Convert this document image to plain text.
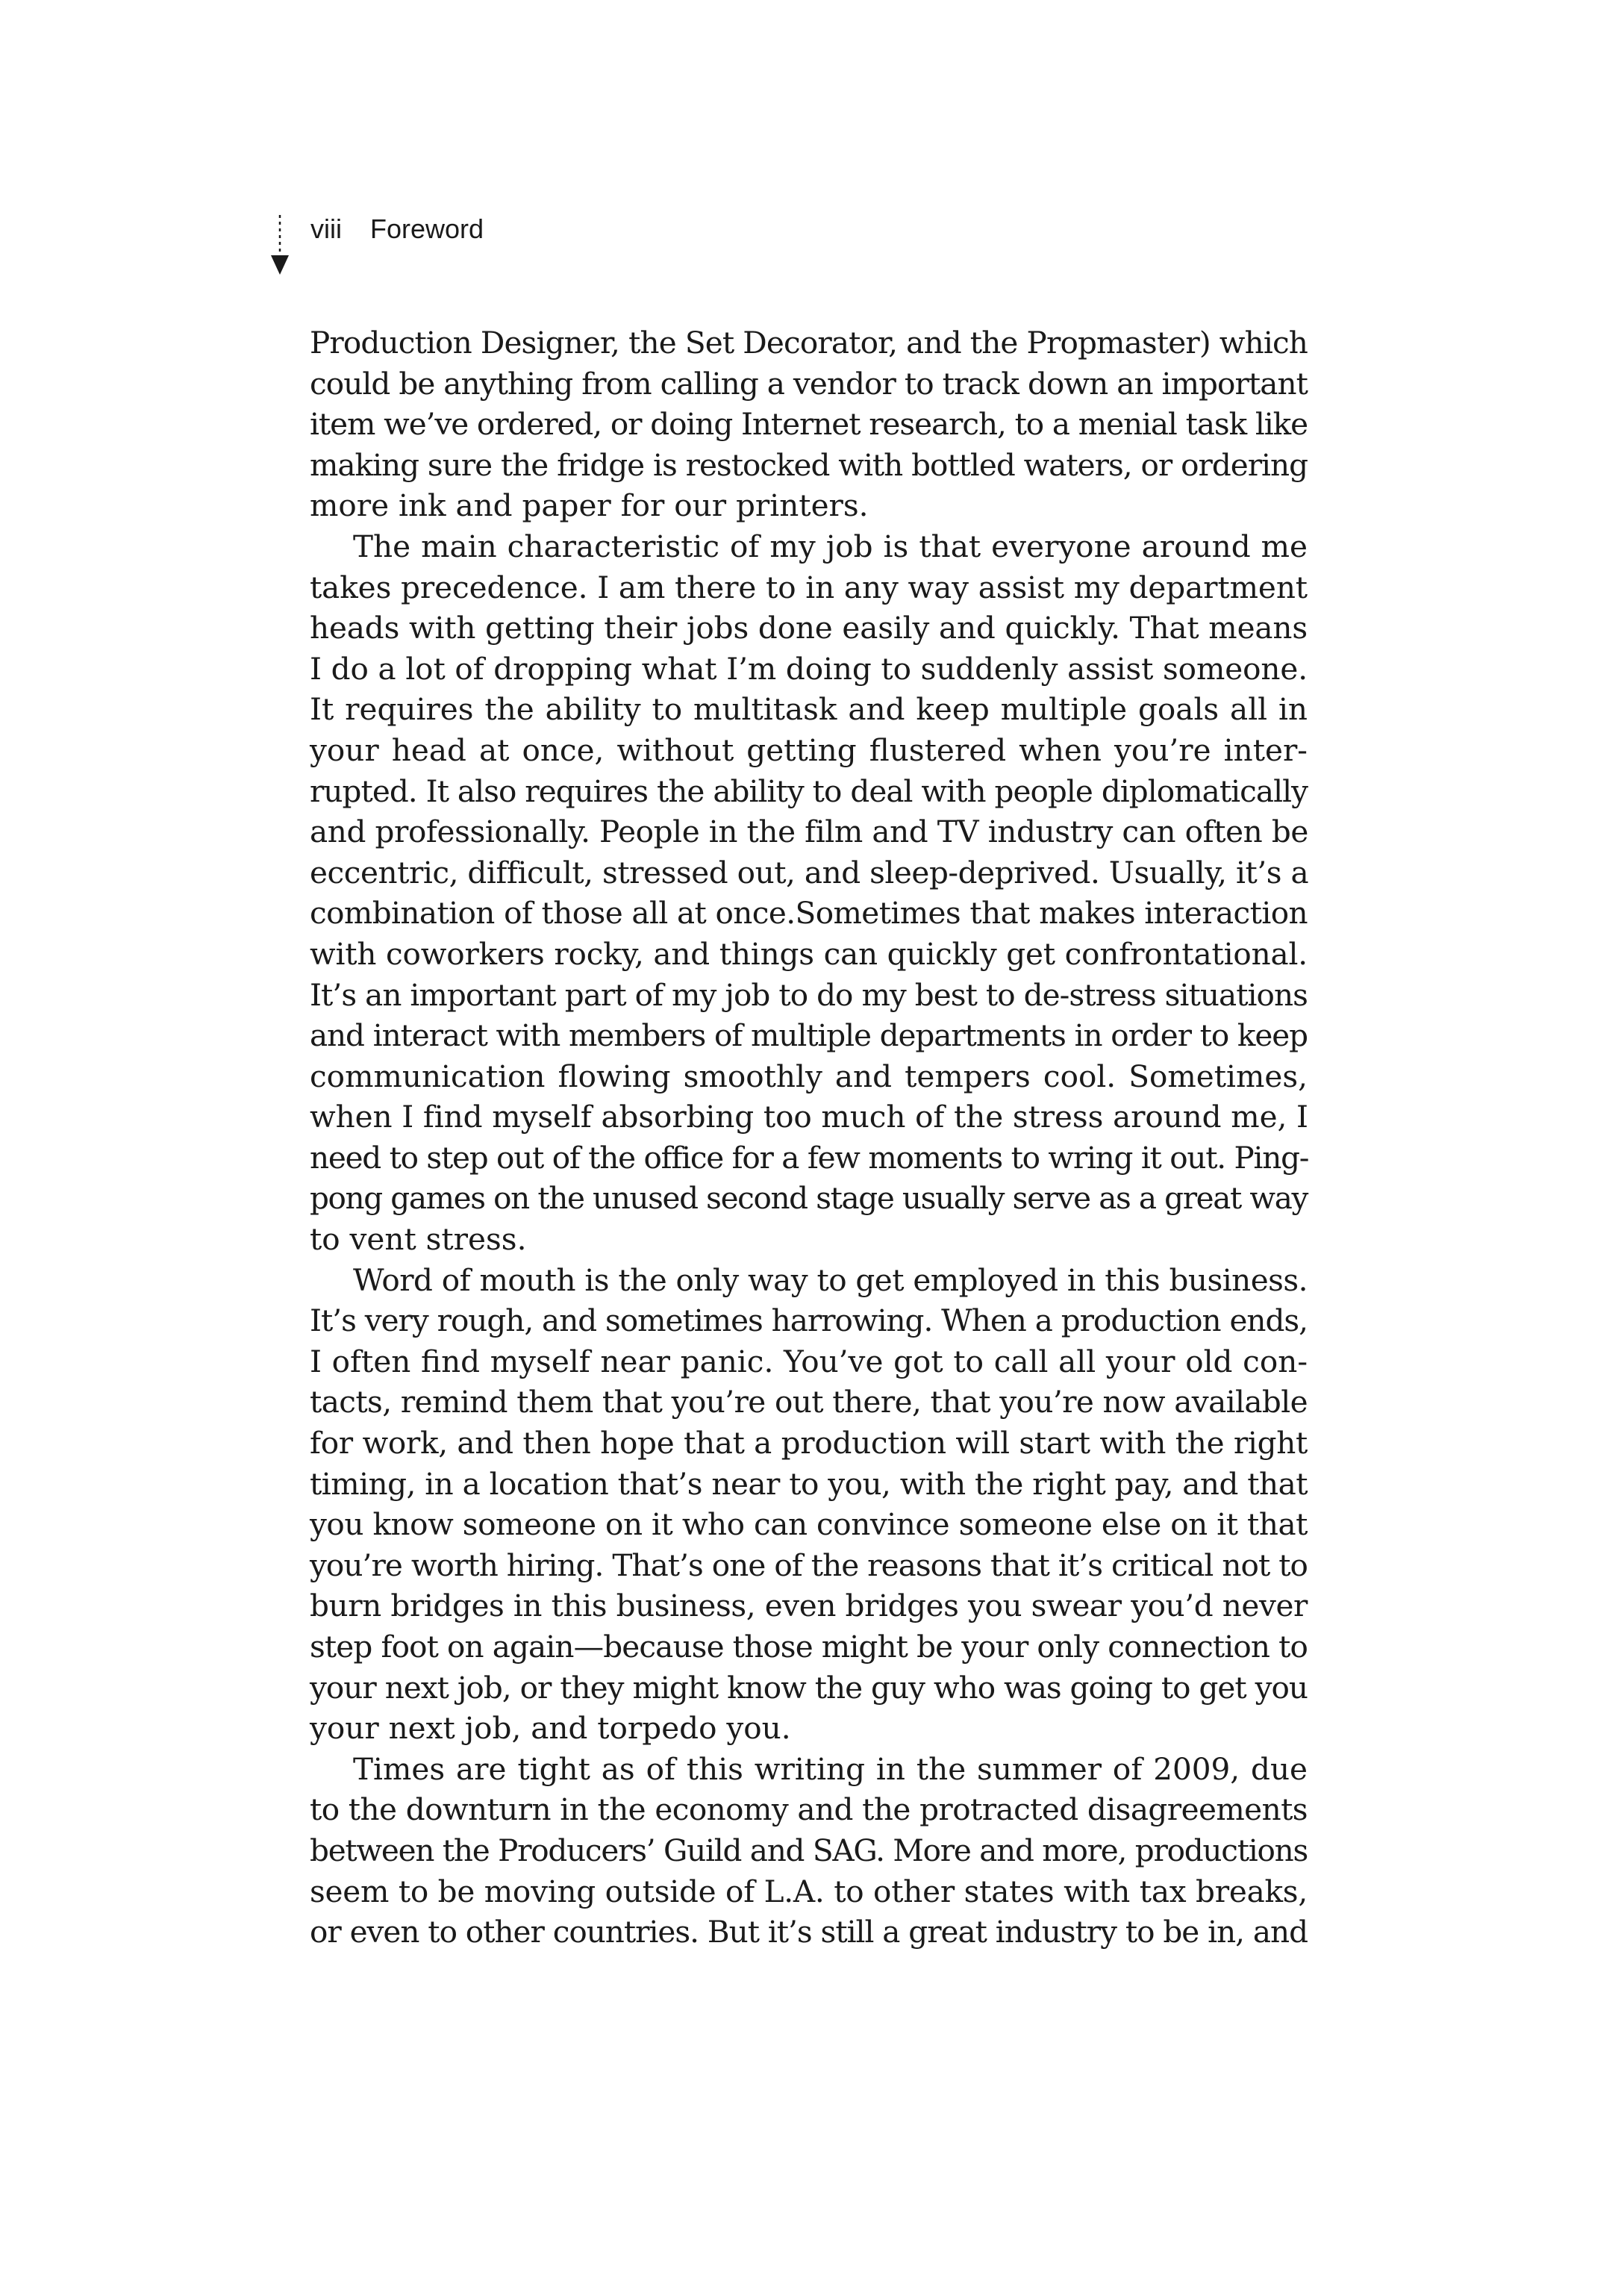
viii Foreword
Production Designer, the Set Decorator, and the Propmaster) which
could be anything from calling a vendor to track down an important
item we’ve ordered, or doing Internet research, to a menial task like
making sure the fridge is restocked with bottled waters, or ordering
more ink and paper for our printers.
The main characteristic of my job is that everyone around me
takes precedence. I am there to in any way assist my department
heads with getting their jobs done easily and quickly. That means
I do a lot of dropping what I’m doing to suddenly assist someone.
It requires the ability to multitask and keep multiple goals all in
your head at once, without getting flustered when you’re inter-
rupted. It also requires the ability to deal with people diplomatically
and professionally. People in the film and TV industry can often be
eccentric, difficult, stressed out, and sleep-deprived. Usually, it’s a
combination of those all at once.Sometimes that makes interaction
with coworkers rocky, and things can quickly get confrontational.
It’s an important part of my job to do my best to de-stress situations
and interact with members of multiple departments in order to keep
communication flowing smoothly and tempers cool. Sometimes,
when I find myself absorbing too much of the stress around me, I
need to step out of the office for a few moments to wring it out. Ping-
pong games on the unused second stage usually serve as a great way
to vent stress.
Word of mouth is the only way to get employed in this business.
It’s very rough, and sometimes harrowing. When a production ends,
I often find myself near panic. You’ve got to call all your old con-
tacts, remind them that you’re out there, that you’re now available
for work, and then hope that a production will start with the right
timing, in a location that’s near to you, with the right pay, and that
you know someone on it who can convince someone else on it that
you’re worth hiring. That’s one of the reasons that it’s critical not to
burn bridges in this business, even bridges you swear you’d never
step foot on again—because those might be your only connection to
your next job, or they might know the guy who was going to get you
your next job, and torpedo you.
Times are tight as of this writing in the summer of 2009, due
to the downturn in the economy and the protracted disagreements
between the Producers’ Guild and SAG. More and more, productions
seem to be moving outside of L.A. to other states with tax breaks,
or even to other countries. But it’s still a great industry to be in, and
